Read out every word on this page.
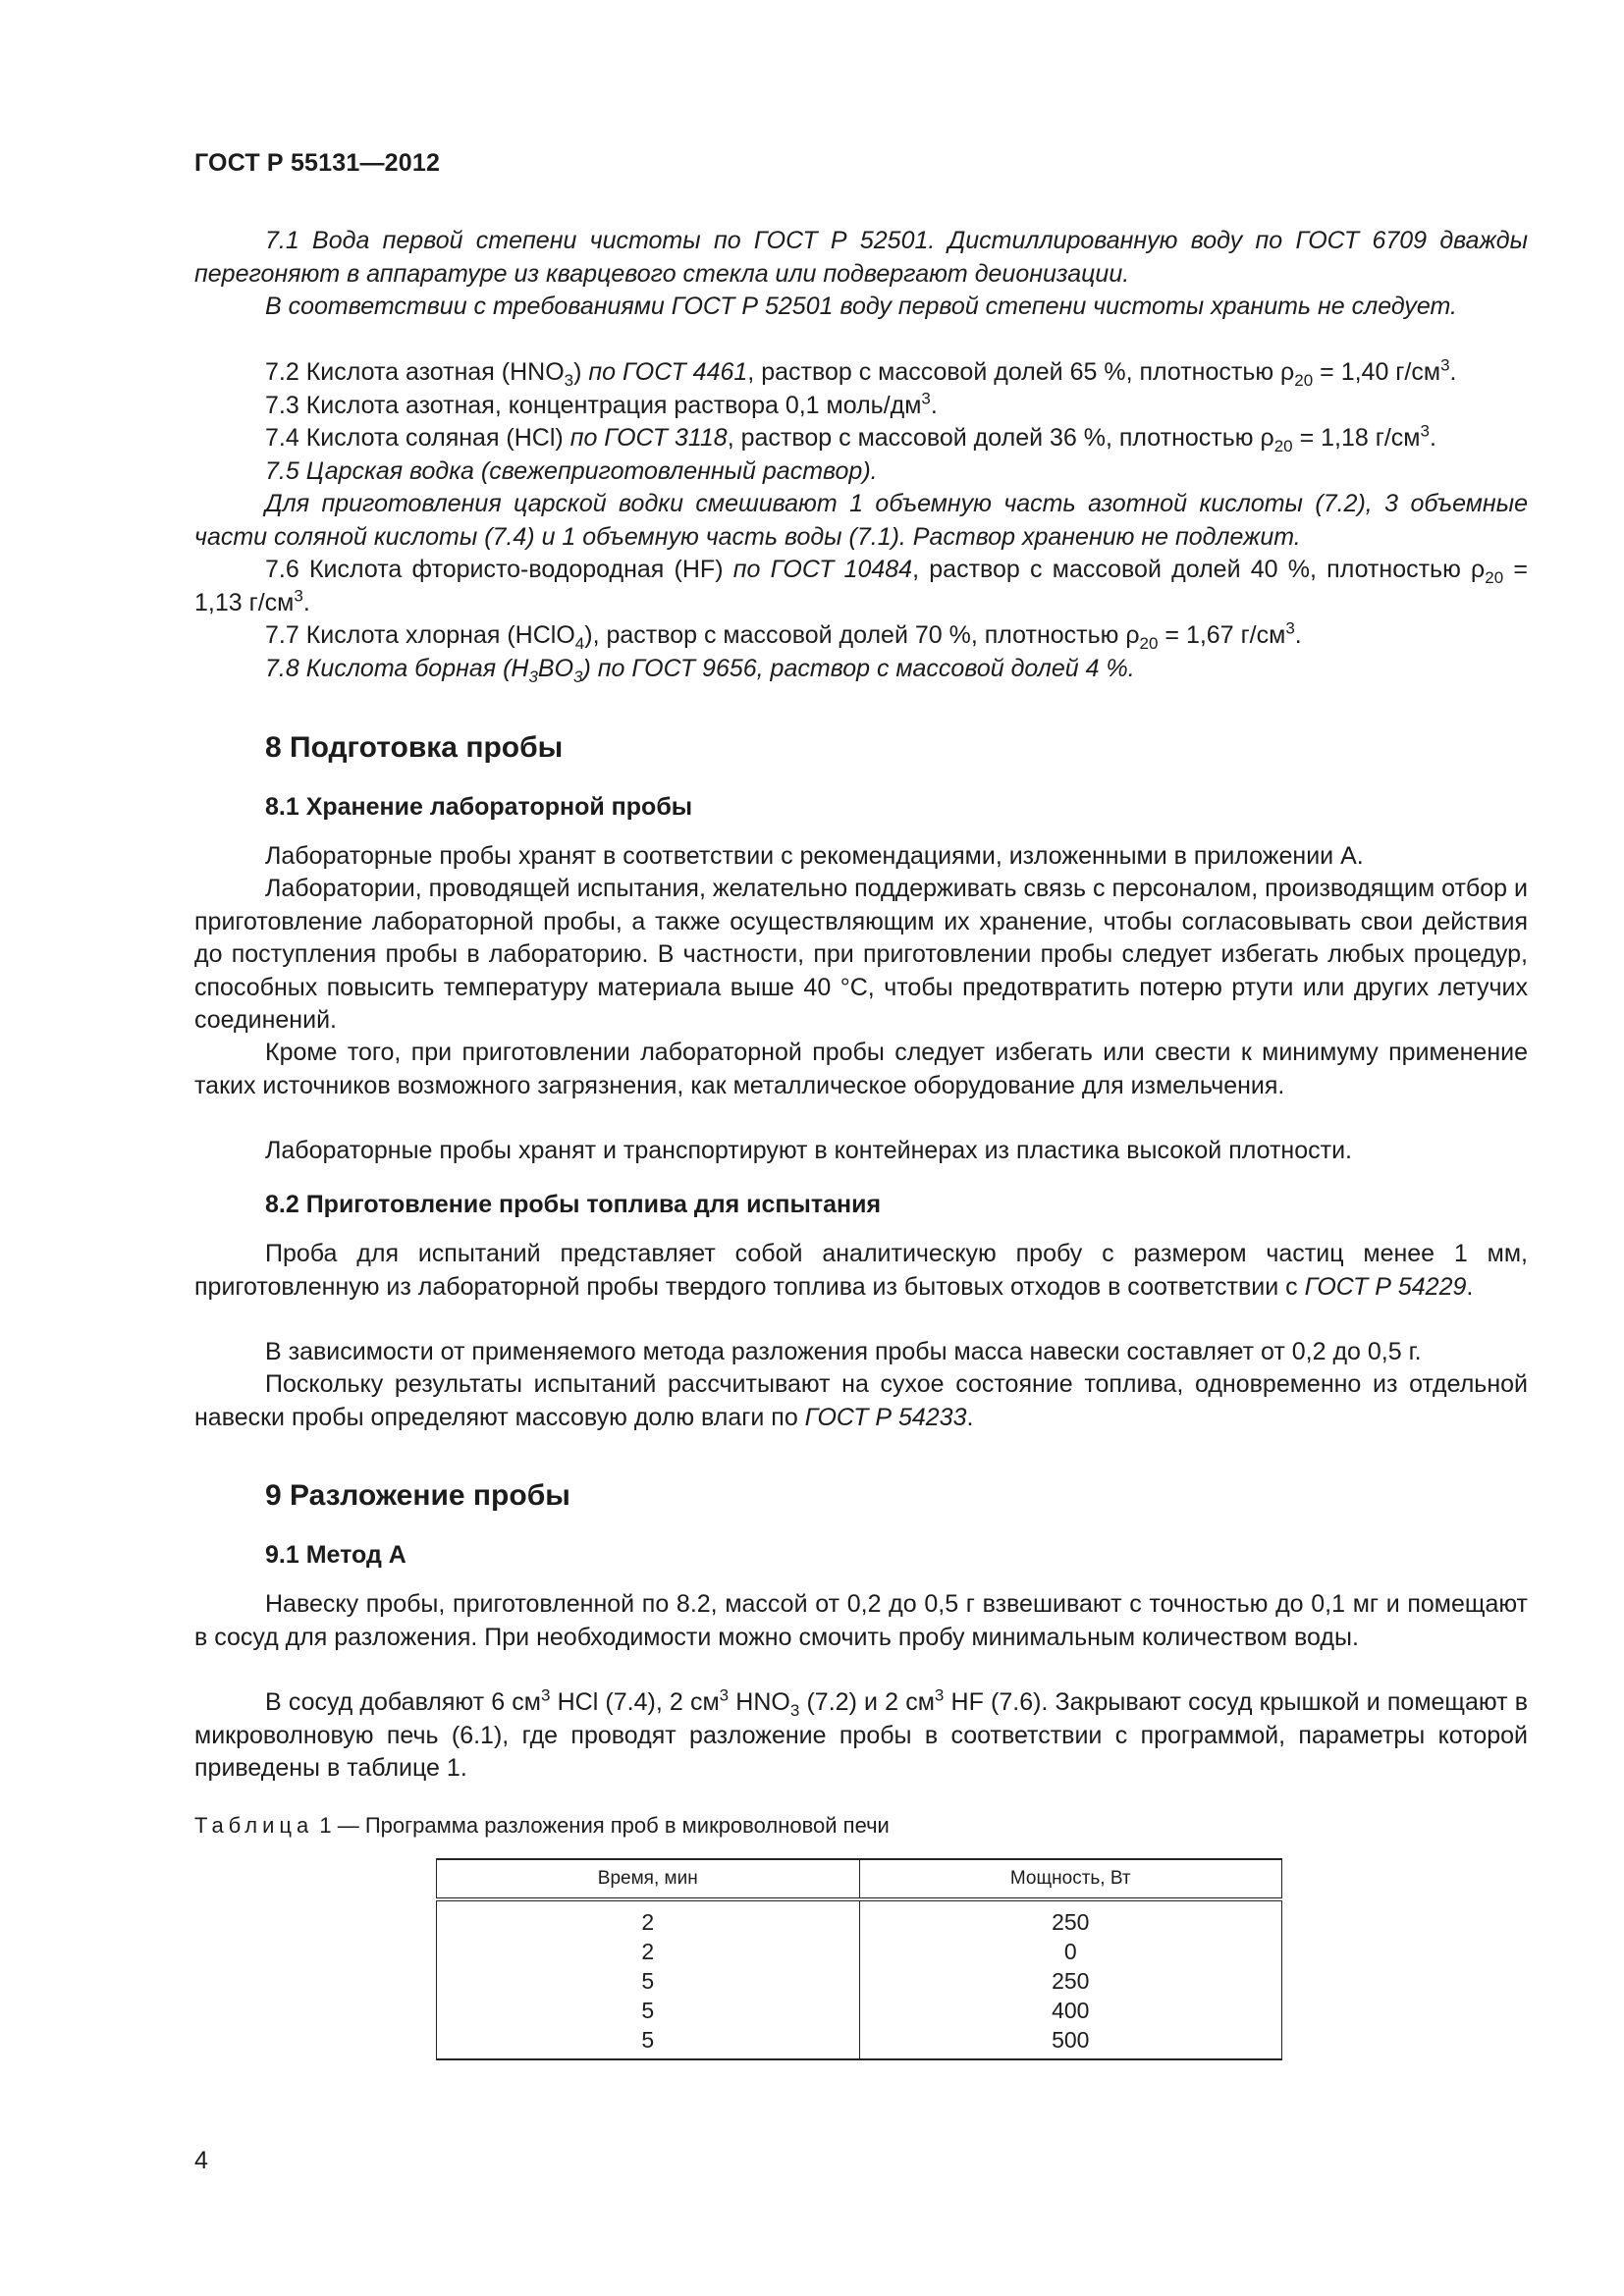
ГОСТ Р 55131—2012

7.1 Вода первой степени чистоты по ГОСТ Р 52501. Дистиллированную воду по ГОСТ 6709 дважды перегоняют в аппаратуре из кварцевого стекла или подвергают деионизации.

В соответствии с требованиями ГОСТ Р 52501 воду первой степени чистоты хранить не следует.

7.2 Кислота азотная $(HNO_3)$ по ГОСТ 4461, раствор с массовой долей 65 %, плотностью $\rho_{20} = 1,40$ $г/см^3$.

7.3 Кислота азотная, концентрация раствора 0,1 моль/$дм^3$.

7.4 Кислота соляная (HCl) по ГОСТ 3118, раствор с массовой долей 36 %, плотностью $\rho_{20} = 1,18$ $г/см^3$.

7.5 Царская водка (свежеприготовленный раствор).

Для приготовления царской водки смешивают 1 объемную часть азотной кислоты (7.2), 3 объемные части соляной кислоты (7.4) и 1 объемную часть воды (7.1). Раствор хранению не подлежит.

7.6 Кислота фтористо-водородная (HF) по ГОСТ 10484, раствор с массовой долей 40 %, плотностью $\rho_{20} = 1,13$ $г/см^3$.

7.7 Кислота хлорная (HClO$_4$), раствор с массовой долей 70 %, плотностью $\rho_{20} = 1,67$ $г/см^3$.

7.8 Кислота борная $(H_3BO_3)$ по ГОСТ 9656, раствор с массовой долей 4 %.

8 Подготовка пробы
8.1 Хранение лабораторной пробы

Лабораторные пробы хранят в соответствии с рекомендациями, изложенными в приложении А.

Лаборатории, проводящей испытания, желательно поддерживать связь с персоналом, производящим отбор и приготовление лабораторной пробы, а также осуществляющим их хранение, чтобы согласовывать свои действия до поступления пробы в лабораторию. В частности, при приготовлении пробы следует избегать любых процедур, способных повысить температуру материала выше 40 °С, чтобы предотвратить потерю ртути или других летучих соединений.

Кроме того, при приготовлении лабораторной пробы следует избегать или свести к минимуму применение таких источников возможного загрязнения, как металлическое оборудование для измельчения.

Лабораторные пробы хранят и транспортируют в контейнерах из пластика высокой плотности.

8.2 Приготовление пробы топлива для испытания

Проба для испытаний представляет собой аналитическую пробу с размером частиц менее 1 мм, приготовленную из лабораторной пробы твердого топлива из бытовых отходов в соответствии с ГОСТ Р 54229.

В зависимости от применяемого метода разложения пробы масса навески составляет от 0,2 до 0,5 г.

Поскольку результаты испытаний рассчитывают на сухое состояние топлива, одновременно из отдельной навески пробы определяют массовую долю влаги по ГОСТ Р 54233.

9 Разложение пробы
9.1 Метод А

Навеску пробы, приготовленной по 8.2, массой от 0,2 до 0,5 г взвешивают с точностью до 0,1 мг и помещают в сосуд для разложения. При необходимости можно смочить пробу минимальным количеством воды.

В сосуд добавляют 6 $см^3$ HCl (7.4), 2 $см^3$ $HNO_3$ (7.2) и 2 $см^3$ HF (7.6). Закрывают сосуд крышкой и помещают в микроволновую печь (6.1), где проводят разложение пробы в соответствии с программой, параметры которой приведены в таблице 1.

Таблица 1 — Программа разложения проб в микроволновой печи
Время, мин	Мощность, Вт
2	250
2	0
5	250
5	400
5	500
4
